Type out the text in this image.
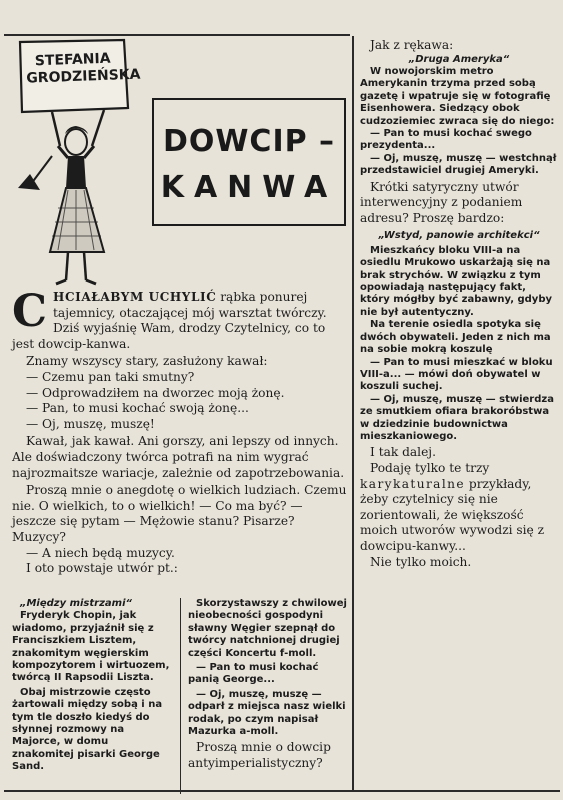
STEFANIA GRODZIEŃSKA
DOWCIP –
KANWA

CHCIAŁABYM UCHYLIĆ rąbka ponurej tajemnicy, otaczającej mój warsztat twórczy. Dziś wyjaśnię Wam, drodzy Czytelnicy, co to jest dowcip-kanwa.

Znamy wszyscy stary, zasłużony kawał:

— Czemu pan taki smutny?

— Odprowadziłem na dworzec moją żonę.

— Pan, to musi kochać swoją żonę...

— Oj, muszę, muszę!

Kawał, jak kawał. Ani gorszy, ani lepszy od innych. Ale doświadczony twórca potrafi na nim wygrać najrozmaitsze wariacje, zależnie od zapotrzebowania.

Proszą mnie o anegdotę o wielkich ludziach. Czemu nie. O wielkich, to o wielkich! — Co ma być? — jeszcze się pytam — Mężowie stanu? Pisarze? Muzycy?

— A niech będą muzycy.

I oto powstaje utwór pt.:

„Między mistrzami“

Fryderyk Chopin, jak wiadomo, przyjaźnił się z Franciszkiem Lisztem, znakomitym węgierskim kompozytorem i wirtuozem, twórcą II Rapsodii Liszta.

Obaj mistrzowie często żartowali między sobą i na tym tle doszło kiedyś do słynnej rozmowy na Majorce, w domu znakomitej pisarki George Sand.

Skorzystawszy z chwilowej nieobecności gospodyni sławny Węgier szepnął do twórcy natchnionej drugiej części Koncertu f-moll.

— Pan to musi kochać panią George...

— Oj, muszę, muszę — odparł z miejsca nasz wielki rodak, po czym napisał Mazurka a-moll.

Proszą mnie o dowcip antyimperialistyczny?

Jak z rękawa:

„Druga Ameryka“

W nowojorskim metro Amerykanin trzyma przed sobą gazetę i wpatruje się w fotografię Eisenhowera. Siedzący obok cudzoziemiec zwraca się do niego:

— Pan to musi kochać swego prezydenta...

— Oj, muszę, muszę — westchnął przedstawiciel drugiej Ameryki.

Krótki satyryczny utwór interwencyjny z podaniem adresu? Proszę bardzo:

„Wstyd, panowie architekci“

Mieszkańcy bloku VIII-a na osiedlu Mrukowo uskarżają się na brak strychów. W związku z tym opowiadają następujący fakt, który mógłby być zabawny, gdyby nie był autentyczny.

Na terenie osiedla spotyka się dwóch obywateli. Jeden z nich ma na sobie mokrą koszulę

— Pan to musi mieszkać w bloku VIII-a... — mówi doń obywatel w koszuli suchej.

— Oj, muszę, muszę — stwierdza ze smutkiem ofiara brakoróbstwa w dziedzinie budownictwa mieszkaniowego.

I tak dalej.

Podaję tylko te trzy karykaturalne przykłady, żeby czytelnicy się nie zorientowali, że większość moich utworów wywodzi się z dowcipu-kanwy...

Nie tylko moich.
